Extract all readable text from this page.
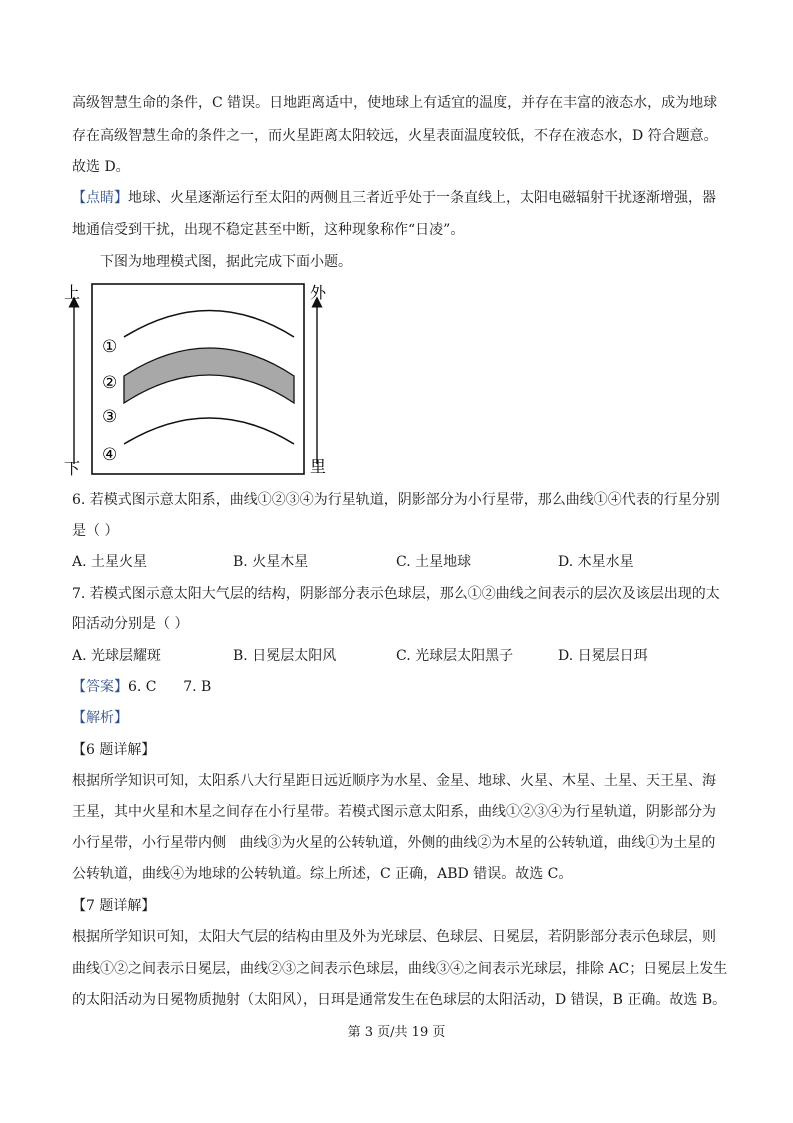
高级智慧生命的条件，C 错误。日地距离适中，使地球上有适宜的温度，并存在丰富的液态水，成为地球
存在高级智慧生命的条件之一，而火星距离太阳较远，火星表面温度较低，不存在液态水，D 符合题意。
故选 D。
【点睛】地球、火星逐渐运行至太阳的两侧且三者近乎处于一条直线上，太阳电磁辐射干扰逐渐增强，器
地通信受到干扰，出现不稳定甚至中断，这种现象称作“日凌”。
下图为地理模式图，据此完成下面小题。
上
下
外
里
①
②
③
④
6. 若模式图示意太阳系，曲线①②③④为行星轨道，阴影部分为小行星带，那么曲线①④代表的行星分别
是（ ）
A. 土星火星	B. 火星木星	C. 土星地球	D. 木星水星
7. 若模式图示意太阳大气层的结构，阴影部分表示色球层，那么①②曲线之间表示的层次及该层出现的太
阳活动分别是（ ）
A. 光球层耀斑	B. 日冕层太阳风	C. 光球层太阳黑子	D. 日冕层日珥
【答案】6. C      7. B
【解析】
【6 题详解】
根据所学知识可知，太阳系八大行星距日远近顺序为水星、金星、地球、火星、木星、土星、天王星、海
王星，其中火星和木星之间存在小行星带。若模式图示意太阳系，曲线①②③④为行星轨道，阴影部分为
小行星带，小行星带内侧   曲线③为火星的公转轨道，外侧的曲线②为木星的公转轨道，曲线①为土星的
公转轨道，曲线④为地球的公转轨道。综上所述，C 正确，ABD 错误。故选 C。
【7 题详解】
根据所学知识可知，太阳大气层的结构由里及外为光球层、色球层、日冕层，若阴影部分表示色球层，则
曲线①②之间表示日冕层，曲线②③之间表示色球层，曲线③④之间表示光球层，排除 AC；日冕层上发生
的太阳活动为日冕物质抛射（太阳风），日珥是通常发生在色球层的太阳活动，D 错误，B 正确。故选 B。
第 3 页/共 19 页
